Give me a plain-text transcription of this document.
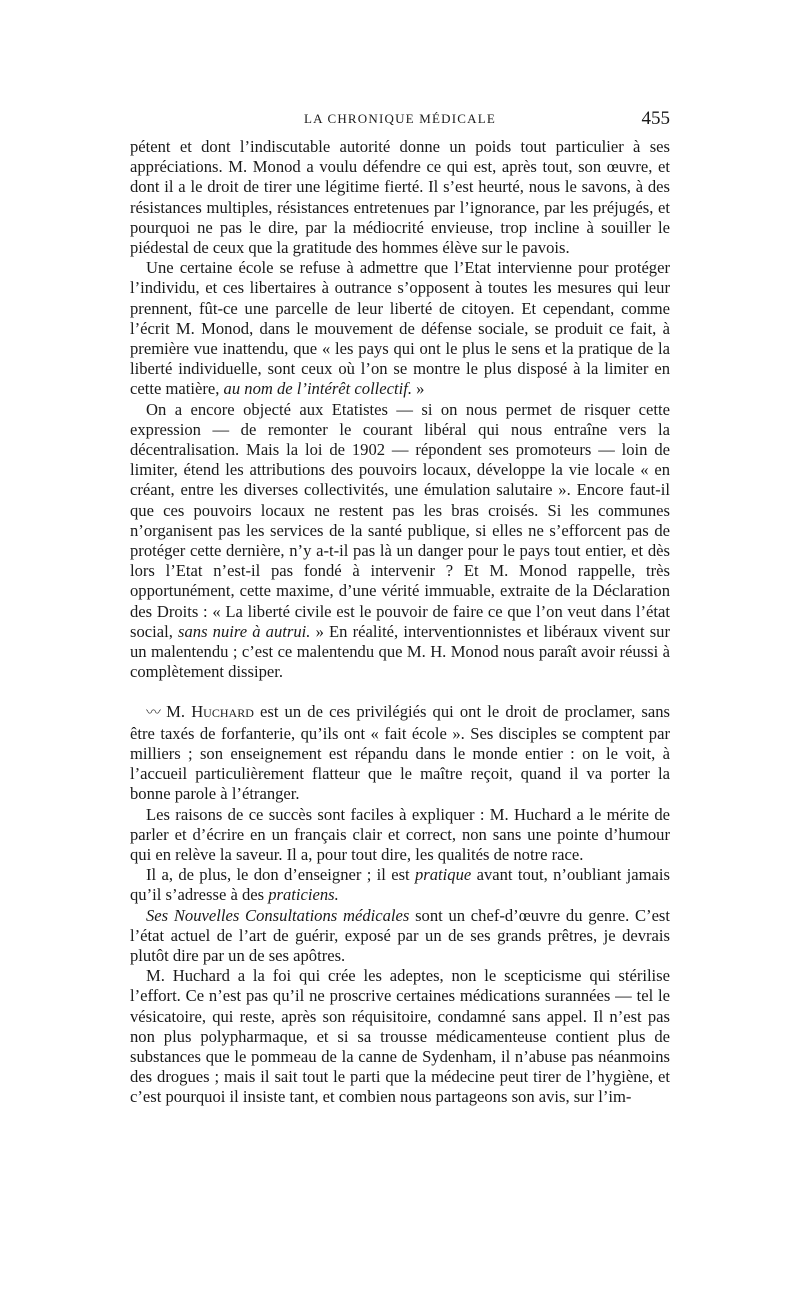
LA CHRONIQUE MÉDICALE	455

pétent et dont l’indiscutable autorité donne un poids tout particulier à ses appréciations. M. Monod a voulu défendre ce qui est, après tout, son œuvre, et dont il a le droit de tirer une légitime fierté. Il s’est heurté, nous le savons, à des résistances multiples, résistances entretenues par l’ignorance, par les préjugés, et pourquoi ne pas le dire, par la médiocrité envieuse, trop incline à souiller le piédestal de ceux que la gratitude des hommes élève sur le pavois.

Une certaine école se refuse à admettre que l’Etat intervienne pour protéger l’individu, et ces libertaires à outrance s’opposent à toutes les mesures qui leur prennent, fût-ce une parcelle de leur liberté de citoyen. Et cependant, comme l’écrit M. Monod, dans le mouvement de défense sociale, se produit ce fait, à première vue inattendu, que « les pays qui ont le plus le sens et la pratique de la liberté individuelle, sont ceux où l’on se montre le plus disposé à la limiter en cette matière, au nom de l’intérêt collectif. »

On a encore objecté aux Etatistes — si on nous permet de risquer cette expression — de remonter le courant libéral qui nous entraîne vers la décentralisation. Mais la loi de 1902 — répondent ses promoteurs — loin de limiter, étend les attributions des pouvoirs locaux, développe la vie locale « en créant, entre les diverses collectivités, une émulation salutaire ». Encore faut-il que ces pouvoirs locaux ne restent pas les bras croisés. Si les communes n’organisent pas les services de la santé publique, si elles ne s’efforcent pas de protéger cette dernière, n’y a-t-il pas là un danger pour le pays tout entier, et dès lors l’Etat n’est-il pas fondé à intervenir ? Et M. Monod rappelle, très opportunément, cette maxime, d’une vérité immuable, extraite de la Déclaration des Droits : « La liberté civile est le pouvoir de faire ce que l’on veut dans l’état social, sans nuire à autrui. » En réalité, interventionnistes et libéraux vivent sur un malentendu ; c’est ce malentendu que M. H. Monod nous paraît avoir réussi à complètement dissiper.

〰 M. Huchard est un de ces privilégiés qui ont le droit de proclamer, sans être taxés de forfanterie, qu’ils ont « fait école ». Ses disciples se comptent par milliers ; son enseignement est répandu dans le monde entier : on le voit, à l’accueil particulièrement flatteur que le maître reçoit, quand il va porter la bonne parole à l’étranger.

Les raisons de ce succès sont faciles à expliquer : M. Huchard a le mérite de parler et d’écrire en un français clair et correct, non sans une pointe d’humour qui en relève la saveur. Il a, pour tout dire, les qualités de notre race.

Il a, de plus, le don d’enseigner ; il est pratique avant tout, n’oubliant jamais qu’il s’adresse à des praticiens.

Ses Nouvelles Consultations médicales sont un chef-d’œuvre du genre. C’est l’état actuel de l’art de guérir, exposé par un de ses grands prêtres, je devrais plutôt dire par un de ses apôtres.

M. Huchard a la foi qui crée les adeptes, non le scepticisme qui stérilise l’effort. Ce n’est pas qu’il ne proscrive certaines médications surannées — tel le vésicatoire, qui reste, après son réquisitoire, condamné sans appel. Il n’est pas non plus polypharmaque, et si sa trousse médicamenteuse contient plus de substances que le pommeau de la canne de Sydenham, il n’abuse pas néanmoins des drogues ; mais il sait tout le parti que la médecine peut tirer de l’hygiène, et c’est pourquoi il insiste tant, et combien nous partageons son avis, sur l’im-
